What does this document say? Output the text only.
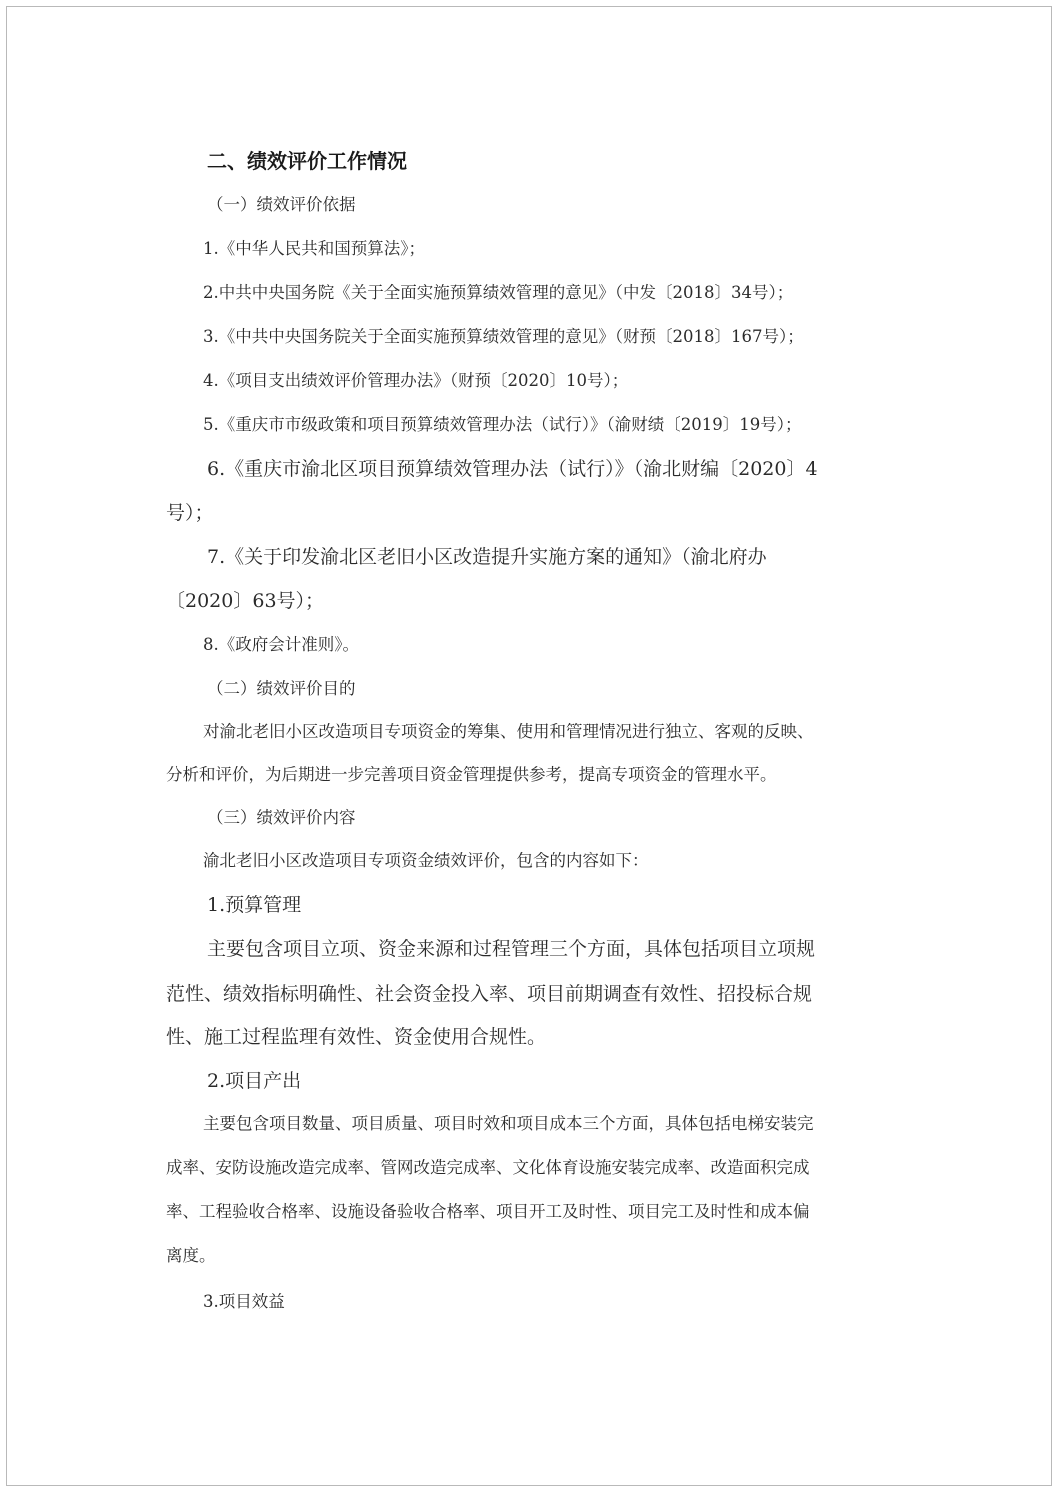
二、绩效评价工作情况
（一）绩效评价依据
1.《中华人民共和国预算法》；
2.中共中央国务院《关于全面实施预算绩效管理的意见》（中发〔2018〕34号）；
3.《中共中央国务院关于全面实施预算绩效管理的意见》（财预〔2018〕167号）；
4.《项目支出绩效评价管理办法》（财预〔2020〕10号）；
5.《重庆市市级政策和项目预算绩效管理办法（试行）》（渝财绩〔2019〕19号）；
6.《重庆市渝北区项目预算绩效管理办法（试行）》（渝北财编〔2020〕4
号）；
7.《关于印发渝北区老旧小区改造提升实施方案的通知》（渝北府办
〔2020〕63号）；
8.《政府会计准则》。
（二）绩效评价目的
对渝北老旧小区改造项目专项资金的筹集、使用和管理情况进行独立、客观的反映、
分析和评价，为后期进一步完善项目资金管理提供参考，提高专项资金的管理水平。
（三）绩效评价内容
渝北老旧小区改造项目专项资金绩效评价，包含的内容如下：
1.预算管理
主要包含项目立项、资金来源和过程管理三个方面，具体包括项目立项规
范性、绩效指标明确性、社会资金投入率、项目前期调查有效性、招投标合规
性、施工过程监理有效性、资金使用合规性。
2.项目产出
主要包含项目数量、项目质量、项目时效和项目成本三个方面，具体包括电梯安装完
成率、安防设施改造完成率、管网改造完成率、文化体育设施安装完成率、改造面积完成
率、工程验收合格率、设施设备验收合格率、项目开工及时性、项目完工及时性和成本偏
离度。
3.项目效益
